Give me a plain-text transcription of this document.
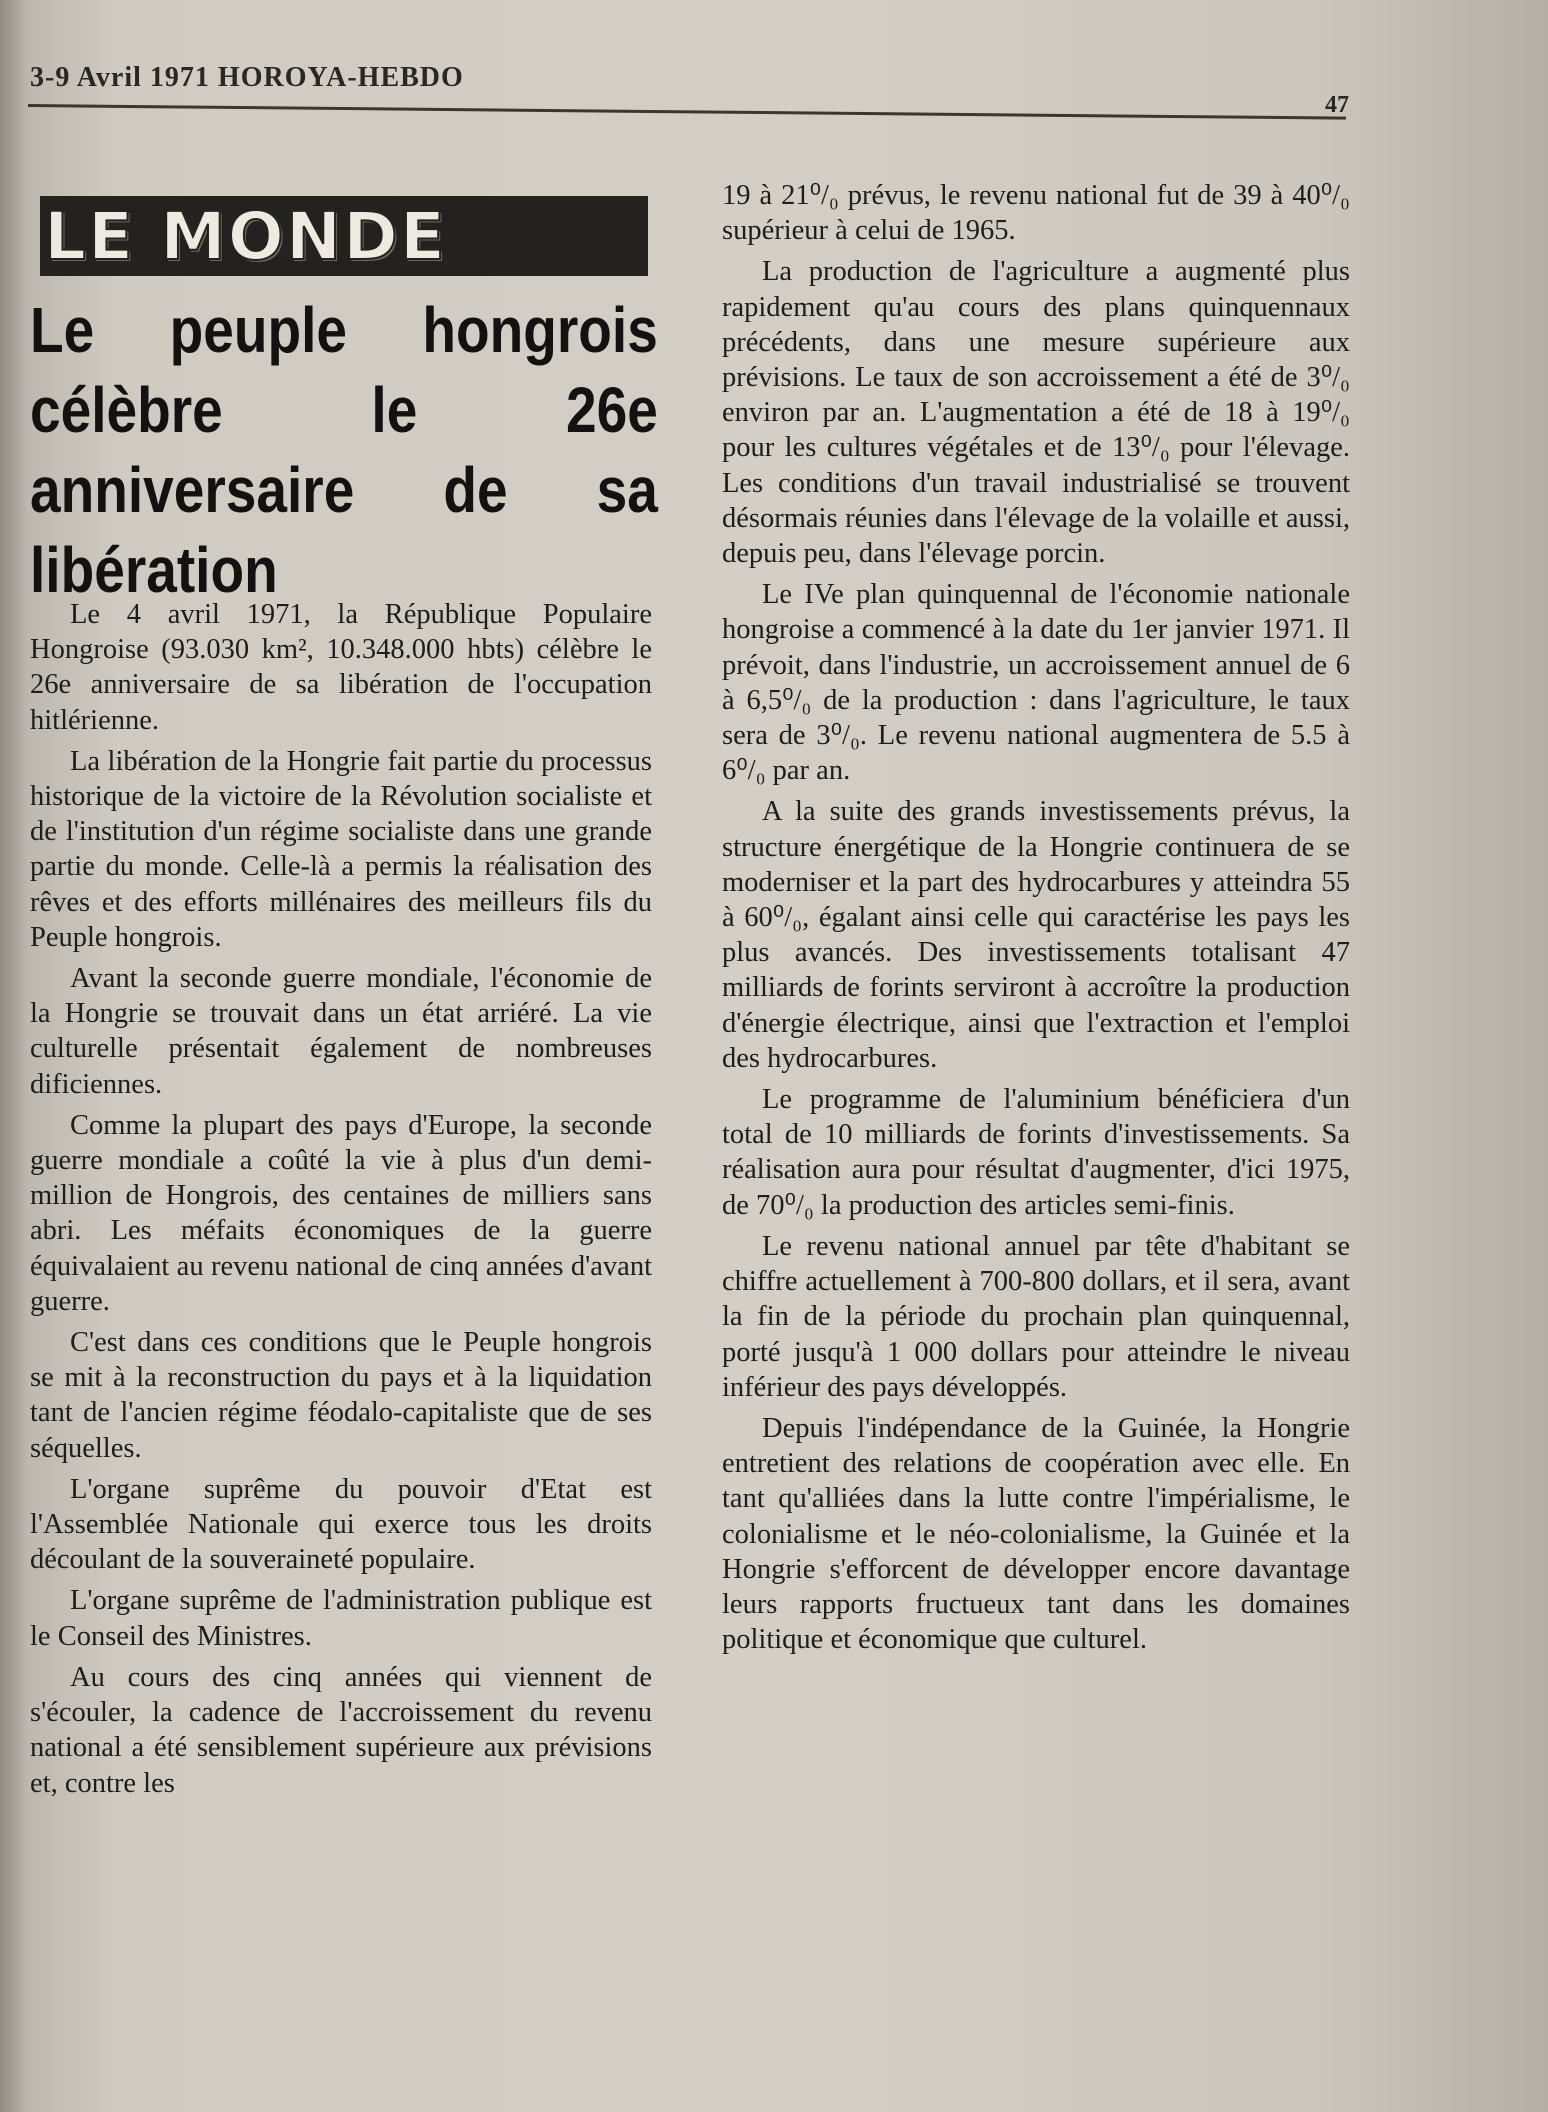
3-9 Avril 1971 HOROYA-HEBDO
47
LE MONDE
Le peuple hongrois célèbre le 26e anniversaire de sa libération

Le 4 avril 1971, la République Populaire Hongroise (93.030 km², 10.348.000 hbts) célèbre le 26e anniversaire de sa libération de l'occupation hitlérienne.

La libération de la Hongrie fait partie du processus historique de la victoire de la Révolution socialiste et de l'institution d'un régime socialiste dans une grande partie du monde. Celle-là a permis la réalisation des rêves et des efforts millénaires des meilleurs fils du Peuple hongrois.

Avant la seconde guerre mondiale, l'économie de la Hongrie se trouvait dans un état arriéré. La vie culturelle présentait également de nombreuses dificiennes.

Comme la plupart des pays d'Europe, la seconde guerre mondiale a coûté la vie à plus d'un demi-million de Hongrois, des centaines de milliers sans abri. Les méfaits économiques de la guerre équivalaient au revenu national de cinq années d'avant guerre.

C'est dans ces conditions que le Peuple hongrois se mit à la reconstruction du pays et à la liquidation tant de l'ancien régime féodalo-capitaliste que de ses séquelles.

L'organe suprême du pouvoir d'Etat est l'Assemblée Nationale qui exerce tous les droits découlant de la souveraineté populaire.

L'organe suprême de l'administration publique est le Conseil des Ministres.

Au cours des cinq années qui viennent de s'écouler, la cadence de l'accroissement du revenu national a été sensiblement supérieure aux prévisions et, contre les

19 à 21⁰/₀ prévus, le revenu national fut de 39 à 40⁰/₀ supérieur à celui de 1965.

La production de l'agriculture a augmenté plus rapidement qu'au cours des plans quinquennaux précédents, dans une mesure supérieure aux prévisions. Le taux de son accroissement a été de 3⁰/₀ environ par an. L'augmentation a été de 18 à 19⁰/₀ pour les cultures végétales et de 13⁰/₀ pour l'élevage. Les conditions d'un travail industrialisé se trouvent désormais réunies dans l'élevage de la volaille et aussi, depuis peu, dans l'élevage porcin.

Le IVe plan quinquennal de l'économie nationale hongroise a commencé à la date du 1er janvier 1971. Il prévoit, dans l'industrie, un accroissement annuel de 6 à 6,5⁰/₀ de la production : dans l'agriculture, le taux sera de 3⁰/₀. Le revenu national augmentera de 5.5 à 6⁰/₀ par an.

A la suite des grands investissements prévus, la structure énergétique de la Hongrie continuera de se moderniser et la part des hydrocarbures y atteindra 55 à 60⁰/₀, égalant ainsi celle qui caractérise les pays les plus avancés. Des investissements totalisant 47 milliards de forints serviront à accroître la production d'énergie électrique, ainsi que l'extraction et l'emploi des hydrocarbures.

Le programme de l'aluminium bénéficiera d'un total de 10 milliards de forints d'investissements. Sa réalisation aura pour résultat d'augmenter, d'ici 1975, de 70⁰/₀ la production des articles semi-finis.

Le revenu national annuel par tête d'habitant se chiffre actuellement à 700-800 dollars, et il sera, avant la fin de la période du prochain plan quinquennal, porté jusqu'à 1 000 dollars pour atteindre le niveau inférieur des pays développés.

Depuis l'indépendance de la Guinée, la Hongrie entretient des relations de coopération avec elle. En tant qu'alliées dans la lutte contre l'impérialisme, le colonialisme et le néo-colonialisme, la Guinée et la Hongrie s'efforcent de développer encore davantage leurs rapports fructueux tant dans les domaines politique et économique que culturel.
